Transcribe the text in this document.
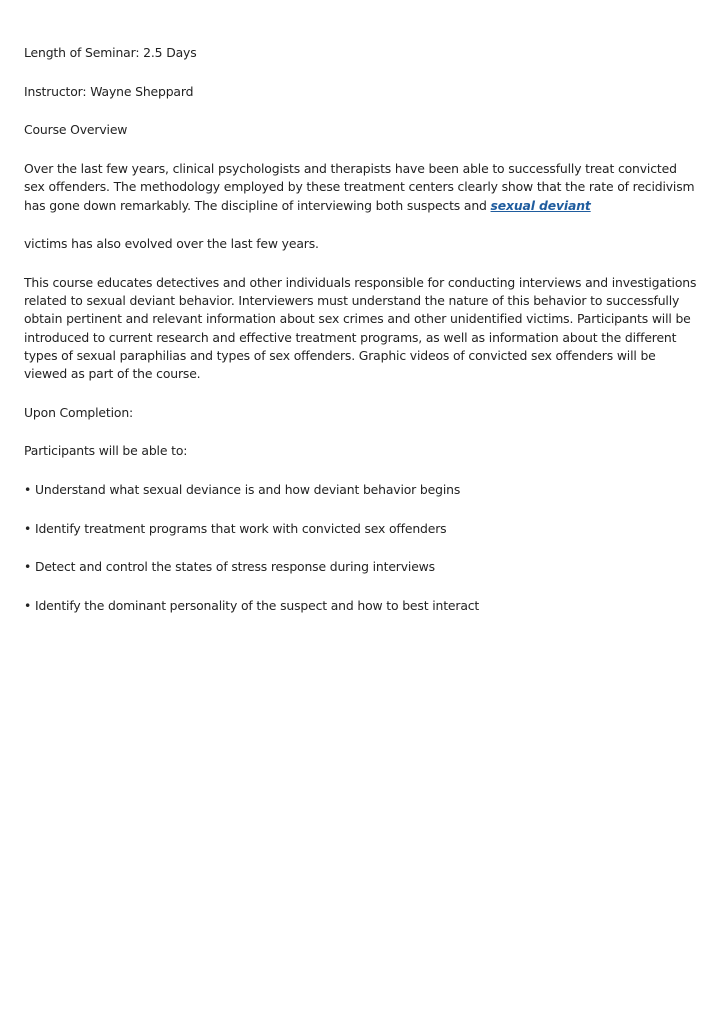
Length of Seminar: 2.5 Days

Instructor: Wayne Sheppard

Course Overview

Over the last few years, clinical psychologists and therapists have been able to successfully treat convicted sex offenders. The methodology employed by these treatment centers clearly show that the rate of recidivism has gone down remarkably. The discipline of interviewing both suspects and sexual deviant

victims has also evolved over the last few years.

This course educates detectives and other individuals responsible for conducting interviews and investigations related to sexual deviant behavior. Interviewers must understand the nature of this behavior to successfully obtain pertinent and relevant information about sex crimes and other unidentified victims. Participants will be introduced to current research and effective treatment programs, as well as information about the different types of sexual paraphilias and types of sex offenders. Graphic videos of convicted sex offenders will be viewed as part of the course.

Upon Completion:

Participants will be able to:

• Understand what sexual deviance is and how deviant behavior begins

• Identify treatment programs that work with convicted sex offenders

• Detect and control the states of stress response during interviews

• Identify the dominant personality of the suspect and how to best interact
